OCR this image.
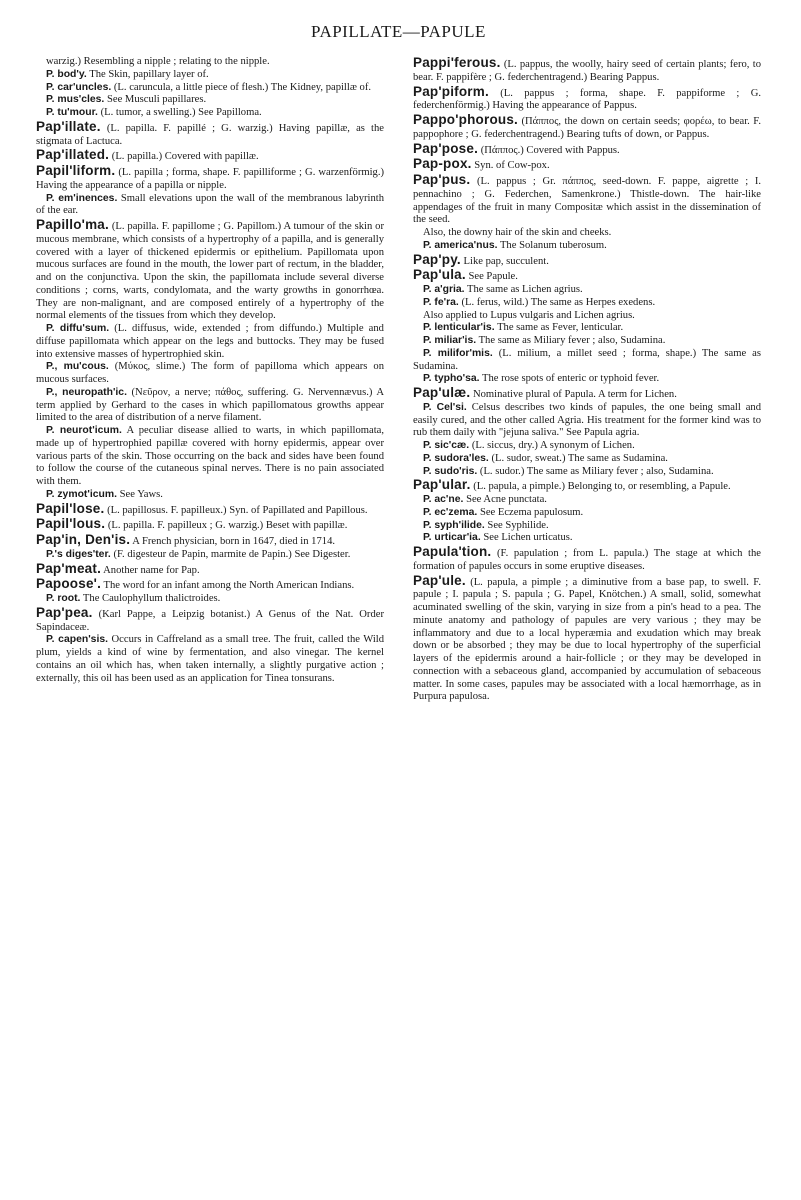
PAPILLATE—PAPULE

warzig.) Resembling a nipple ; relating to the nipple.

P. bod'y. The Skin, papillary layer of.

P. car'uncles. (L. caruncula, a little piece of flesh.) The Kidney, papillæ of.

P. mus'cles. See Musculi papillares.

P. tu'mour. (L. tumor, a swelling.) See Papilloma.

Pap'illate. (L. papilla. F. papillé ; G. warzig.) Having papillæ, as the stigmata of Lactuca.

Pap'illated. (L. papilla.) Covered with papillæ.

Papil'liform. (L. papilla ; forma, shape. F. papilliforme ; G. warzenförmig.) Having the appearance of a papilla or nipple.

P. em'inences. Small elevations upon the wall of the membranous labyrinth of the ear.

Papillo'ma. (L. papilla. F. papillome ; G. Papillom.) A tumour of the skin or mucous membrane, which consists of a hypertrophy of a papilla, and is generally covered with a layer of thickened epidermis or epithelium. Papillomata upon mucous surfaces are found in the mouth, the lower part of rectum, in the bladder, and on the conjunctiva. Upon the skin, the papillomata include several diverse conditions ; corns, warts, condylomata, and the warty growths in gonorrhœa. They are non-malignant, and are composed entirely of a hypertrophy of the normal elements of the tissues from which they develop.

P. diffu'sum. (L. diffusus, wide, extended ; from diffundo.) Multiple and diffuse papillomata which appear on the legs and buttocks. They may be fused into extensive masses of hypertrophied skin.

P., mu'cous. (Μύκος, slime.) The form of papilloma which appears on mucous surfaces.

P., neuropath'ic. (Νεῦρον, a nerve; πάθος, suffering. G. Nervennævus.) A term applied by Gerhard to the cases in which papillomatous growths appear limited to the area of distribution of a nerve filament.

P. neurot'icum. A peculiar disease allied to warts, in which papillomata, made up of hypertrophied papillæ covered with horny epidermis, appear over various parts of the skin. Those occurring on the back and sides have been found to follow the course of the cutaneous spinal nerves. There is no pain associated with them.

P. zymot'icum. See Yaws.

Papil'lose. (L. papillosus. F. papilleux.) Syn. of Papillated and Papillous.

Papil'lous. (L. papilla. F. papilleux ; G. warzig.) Beset with papillæ.

Pap'in, Den'is. A French physician, born in 1647, died in 1714.

P.'s diges'ter. (F. digesteur de Papin, marmite de Papin.) See Digester.

Pap'meat. Another name for Pap.

Papoose'. The word for an infant among the North American Indians.

P. root. The Caulophyllum thalictroides.

Pap'pea. (Karl Pappe, a Leipzig botanist.) A Genus of the Nat. Order Sapindaceæ.

P. capen'sis. Occurs in Caffreland as a small tree. The fruit, called the Wild plum, yields a kind of wine by fermentation, and also vinegar. The kernel contains an oil which has, when taken internally, a slightly purgative action ; externally, this oil has been used as an application for Tinea tonsurans.

Pappi'ferous. (L. pappus, the woolly, hairy seed of certain plants; fero, to bear. F. pappifère ; G. federchentragend.) Bearing Pappus.

Pap'piform. (L. pappus ; forma, shape. F. pappiforme ; G. federchenförmig.) Having the appearance of Pappus.

Pappo'phorous. (Πάππος, the down on certain seeds; φορέω, to bear. F. pappophore ; G. federchentragend.) Bearing tufts of down, or Pappus.

Pap'pose. (Πάππος.) Covered with Pappus.

Pap-pox. Syn. of Cow-pox.

Pap'pus. (L. pappus ; Gr. πάππος, seed-down. F. pappe, aigrette ; I. pennachino ; G. Federchen, Samenkrone.) Thistle-down. The hair-like appendages of the fruit in many Compositæ which assist in the dissemination of the seed.

Also, the downy hair of the skin and cheeks.

P. america'nus. The Solanum tuberosum.

Pap'py. Like pap, succulent.

Pap'ula. See Papule.

P. a'gria. The same as Lichen agrius.

P. fe'ra. (L. ferus, wild.) The same as Herpes exedens.

Also applied to Lupus vulgaris and Lichen agrius.

P. lenticular'is. The same as Fever, lenticular.

P. miliar'is. The same as Miliary fever ; also, Sudamina.

P. milifor'mis. (L. milium, a millet seed ; forma, shape.) The same as Sudamina.

P. typho'sa. The rose spots of enteric or typhoid fever.

Pap'ulæ. Nominative plural of Papula. A term for Lichen.

P. Cel'si. Celsus describes two kinds of papules, the one being small and easily cured, and the other called Agria. His treatment for the former kind was to rub them daily with "jejuna saliva." See Papula agria.

P. sic'cæ. (L. siccus, dry.) A synonym of Lichen.

P. sudora'les. (L. sudor, sweat.) The same as Sudamina.

P. sudo'ris. (L. sudor.) The same as Miliary fever ; also, Sudamina.

Pap'ular. (L. papula, a pimple.) Belonging to, or resembling, a Papule.

P. ac'ne. See Acne punctata.

P. ec'zema. See Eczema papulosum.

P. syph'ilide. See Syphilide.

P. urticar'ia. See Lichen urticatus.

Papula'tion. (F. papulation ; from L. papula.) The stage at which the formation of papules occurs in some eruptive diseases.

Pap'ule. (L. papula, a pimple ; a diminutive from a base pap, to swell. F. papule ; I. papula ; S. papula ; G. Papel, Knötchen.) A small, solid, somewhat acuminated swelling of the skin, varying in size from a pin's head to a pea. The minute anatomy and pathology of papules are very various ; they may be inflammatory and due to a local hyperæmia and exudation which may break down or be absorbed ; they may be due to local hypertrophy of the superficial layers of the epidermis around a hair-follicle ; or they may be developed in connection with a sebaceous gland, accompanied by accumulation of sebaceous matter. In some cases, papules may be associated with a local hæmorrhage, as in Purpura papulosa.
